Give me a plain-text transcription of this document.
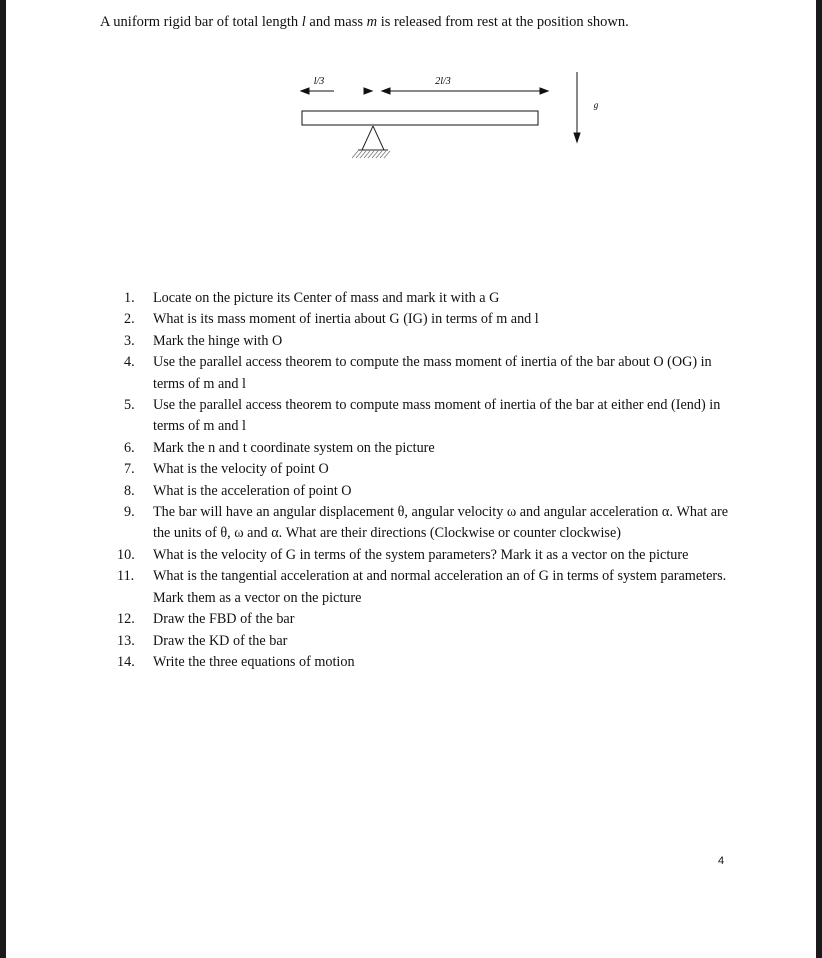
A uniform rigid bar of total length l and mass m is released from rest at the position shown.
l/3	2l/3
g
1. Locate on the picture its Center of mass and mark it with a G
2. What is its mass moment of inertia about G (IG) in terms of m and l
3. Mark the hinge with O
4. Use the parallel access theorem to compute the mass moment of inertia of the bar about O (OG) in terms of m and l
5. Use the parallel access theorem to compute mass moment of inertia of the bar at either end (Iend) in terms of m and l
6. Mark the n and t coordinate system on the picture
7. What is the velocity of point O
8. What is the acceleration of point O
9. The bar will have an angular displacement θ, angular velocity ω and angular acceleration α. What are the units of θ, ω and α. What are their directions (Clockwise or counter clockwise)
10. What is the velocity of G in terms of the system parameters? Mark it as a vector on the picture
11. What is the tangential acceleration at and normal acceleration an of G in terms of system parameters. Mark them as a vector on the picture
12. Draw the FBD of the bar
13. Draw the KD of the bar
14. Write the three equations of motion
4
